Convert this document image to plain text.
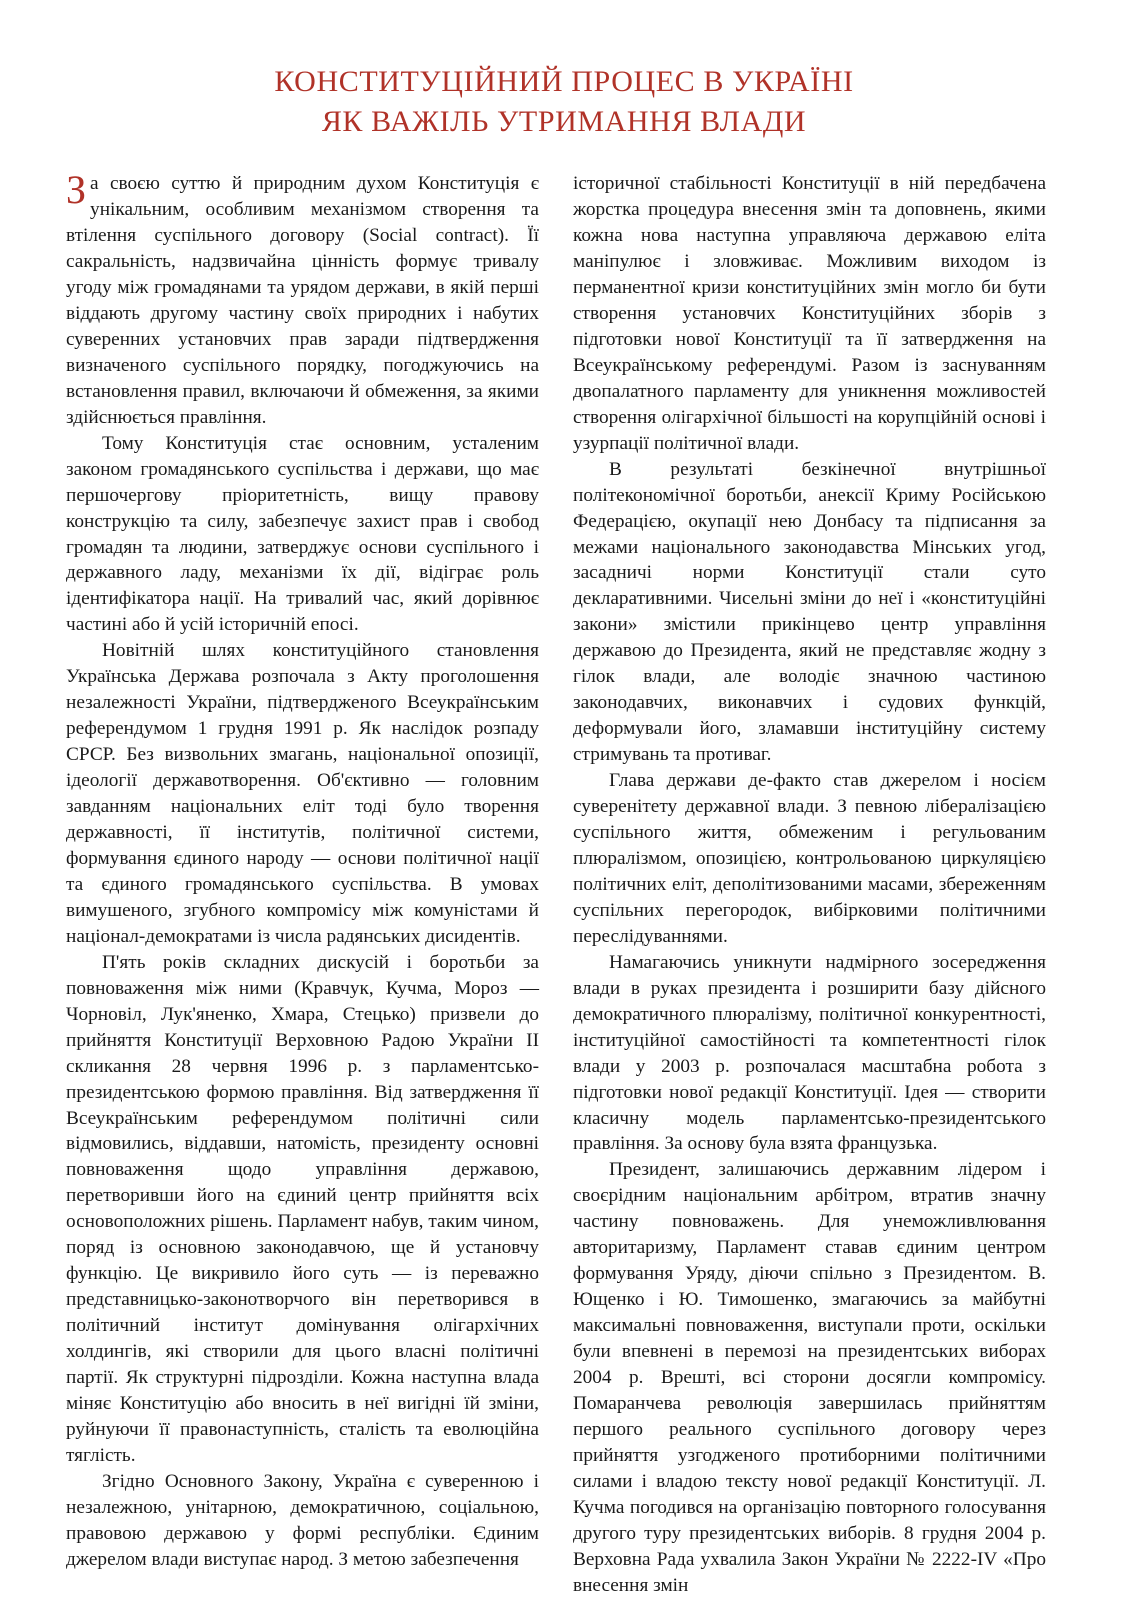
КОНСТИТУЦІЙНИЙ ПРОЦЕС В УКРАЇНІ
ЯК ВАЖІЛЬ УТРИМАННЯ ВЛАДИ

За своєю суттю й природним духом Конституція є унікальним, особливим механізмом створення та втілення суспільного договору (Social contract). Її сакральність, надзвичайна цінність формує тривалу угоду між громадянами та урядом держави, в якій перші віддають другому частину своїх природних і набутих суверенних установчих прав заради підтвердження визначеного суспільного порядку, погоджуючись на встановлення правил, включаючи й обмеження, за якими здійснюється правління.

Тому Конституція стає основним, усталеним законом громадянського суспільства і держави, що має першочергову пріоритетність, вищу правову конструкцію та силу, забезпечує захист прав і свобод громадян та людини, затверджує основи суспільного і державного ладу, механізми їх дії, відіграє роль ідентифікатора нації. На тривалий час, який дорівнює частині або й усій історичній епосі.

Новітній шлях конституційного становлення Українська Держава розпочала з Акту проголошення незалежності України, підтвердженого Всеукраїнським референдумом 1 грудня 1991 р. Як наслідок розпаду СРСР. Без визвольних змагань, національної опозиції, ідеології державотворення. Об'єктивно — головним завданням національних еліт тоді було творення державності, її інститутів, політичної системи, формування єдиного народу — основи політичної нації та єдиного громадянського суспільства. В умовах вимушеного, згубного компромісу між комуністами й націонал-демократами із числа радянських дисидентів.

П'ять років складних дискусій і боротьби за повноваження між ними (Кравчук, Кучма, Мороз — Чорновіл, Лук'яненко, Хмара, Стецько) призвели до прийняття Конституції Верховною Радою України II скликання 28 червня 1996 р. з парламентсько-президентською формою правління. Від затвердження її Всеукраїнським референдумом політичні сили відмовились, віддавши, натомість, президенту основні повноваження щодо управління державою, перетворивши його на єдиний центр прийняття всіх основоположних рішень. Парламент набув, таким чином, поряд із основною законодавчою, ще й установчу функцію. Це викривило його суть — із переважно представницько-законотворчого він перетворився в політичний інститут домінування олігархічних холдингів, які створили для цього власні політичні партії. Як структурні підрозділи. Кожна наступна влада міняє Конституцію або вносить в неї вигідні їй зміни, руйнуючи її правонаступність, сталість та еволюційна тяглість.

Згідно Основного Закону, Україна є суверенною і незалежною, унітарною, демократичною, соціальною, правовою державою у формі республіки. Єдиним джерелом влади виступає народ. З метою забезпечення

історичної стабільності Конституції в ній передбачена жорстка процедура внесення змін та доповнень, якими кожна нова наступна управляюча державою еліта маніпулює і зловживає. Можливим виходом із перманентної кризи конституційних змін могло би бути створення установчих Конституційних зборів з підготовки нової Конституції та її затвердження на Всеукраїнському референдумі. Разом із заснуванням двопалатного парламенту для уникнення можливостей створення олігархічної більшості на корупційній основі і узурпації політичної влади.

В результаті безкінечної внутрішньої політекономічної боротьби, анексії Криму Російською Федерацією, окупації нею Донбасу та підписання за межами національного законодавства Мінських угод, засадничі норми Конституції стали суто декларативними. Чисельні зміни до неї і «конституційні закони» змістили прикінцево центр управління державою до Президента, який не представляє жодну з гілок влади, але володіє значною частиною законодавчих, виконавчих і судових функцій, деформували його, зламавши інституційну систему стримувань та противаг.

Глава держави де-факто став джерелом і носієм суверенітету державної влади. З певною лібералізацією суспільного життя, обмеженим і регульованим плюралізмом, опозицією, контрольованою циркуляцією політичних еліт, деполітизованими масами, збереженням суспільних перегородок, вибірковими політичними переслідуваннями.

Намагаючись уникнути надмірного зосередження влади в руках президента і розширити базу дійсного демократичного плюралізму, політичної конкурентності, інституційної самостійності та компетентності гілок влади у 2003 р. розпочалася масштабна робота з підготовки нової редакції Конституції. Ідея — створити класичну модель парламентсько-президентського правління. За основу була взята французька.

Президент, залишаючись державним лідером і своєрідним національним арбітром, втратив значну частину повноважень. Для унеможливлювання авторитаризму, Парламент ставав єдиним центром формування Уряду, діючи спільно з Президентом. В. Ющенко і Ю. Тимошенко, змагаючись за майбутні максимальні повноваження, виступали проти, оскільки були впевнені в перемозі на президентських виборах 2004 р. Врешті, всі сторони досягли компромісу. Помаранчева революція завершилась прийняттям першого реального суспільного договору через прийняття узгодженого протиборними політичними силами і владою тексту нової редакції Конституції. Л. Кучма погодився на організацію повторного голосування другого туру президентських виборів. 8 грудня 2004 р. Верховна Рада ухвалила Закон України № 2222-IV «Про внесення змін
